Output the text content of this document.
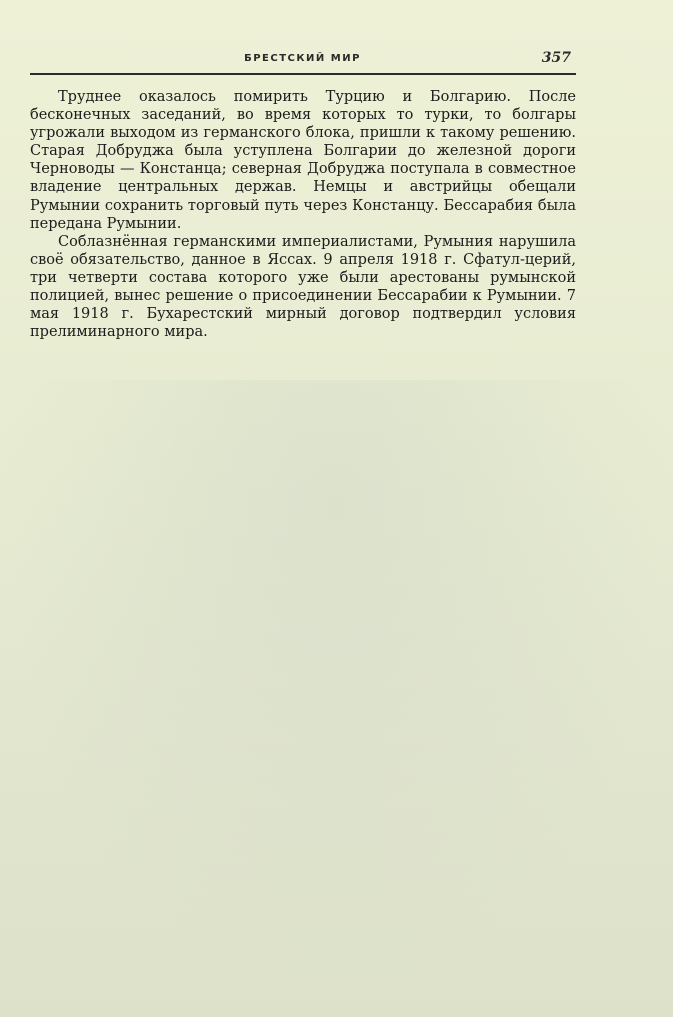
БРЕСТСКИЙ МИР	357

Труднее оказалось помирить Турцию и Болгарию. После бесконечных заседаний, во время которых то турки, то болгары угрожали выходом из германского блока, пришли к такому решению. Старая Добруджа была уступлена Болгарии до железной дороги Черноводы — Констанца; северная Добруджа поступала в совместное владение центральных держав. Немцы и австрийцы обещали Румынии сохранить торговый путь через Констанцу. Бессарабия была передана Румынии.

Соблазнённая германскими империалистами, Румыния нарушила своё обязательство, данное в Яссах. 9 апреля 1918 г. Сфатул-церий, три четверти состава которого уже были арестованы румынской полицией, вынес решение о присоединении Бессарабии к Румынии. 7 мая 1918 г. Бухарестский мирный договор подтвердил условия прелиминарного мира.
